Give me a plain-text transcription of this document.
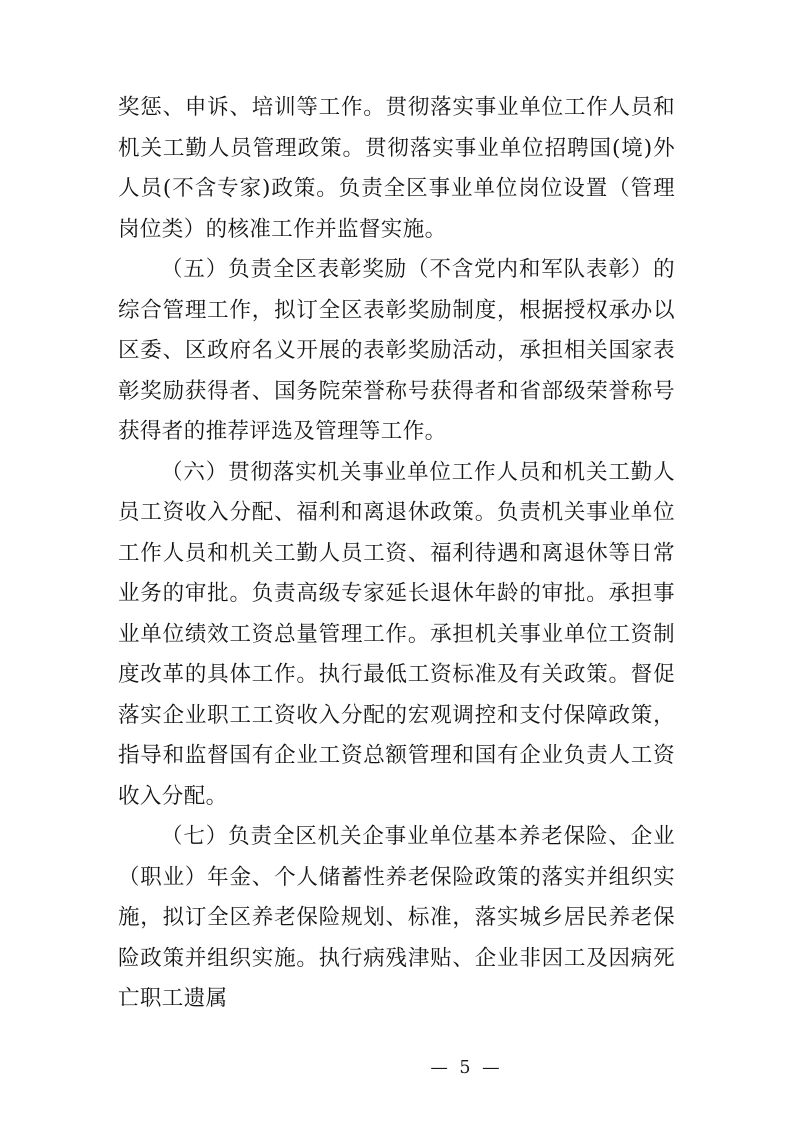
奖惩、申诉、培训等工作。贯彻落实事业单位工作人员和机关工勤人员管理政策。贯彻落实事业单位招聘国(境)外人员(不含专家)政策。负责全区事业单位岗位设置（管理岗位类）的核准工作并监督实施。

（五）负责全区表彰奖励（不含党内和军队表彰）的综合管理工作，拟订全区表彰奖励制度，根据授权承办以区委、区政府名义开展的表彰奖励活动，承担相关国家表彰奖励获得者、国务院荣誉称号获得者和省部级荣誉称号获得者的推荐评选及管理等工作。

（六）贯彻落实机关事业单位工作人员和机关工勤人员工资收入分配、福利和离退休政策。负责机关事业单位工作人员和机关工勤人员工资、福利待遇和离退休等日常业务的审批。负责高级专家延长退休年龄的审批。承担事业单位绩效工资总量管理工作。承担机关事业单位工资制度改革的具体工作。执行最低工资标准及有关政策。督促落实企业职工工资收入分配的宏观调控和支付保障政策，指导和监督国有企业工资总额管理和国有企业负责人工资收入分配。

（七）负责全区机关企事业单位基本养老保险、企业（职业）年金、个人储蓄性养老保险政策的落实并组织实施，拟订全区养老保险规划、标准，落实城乡居民养老保险政策并组织实施。执行病残津贴、企业非因工及因病死亡职工遗属

— 5 —
